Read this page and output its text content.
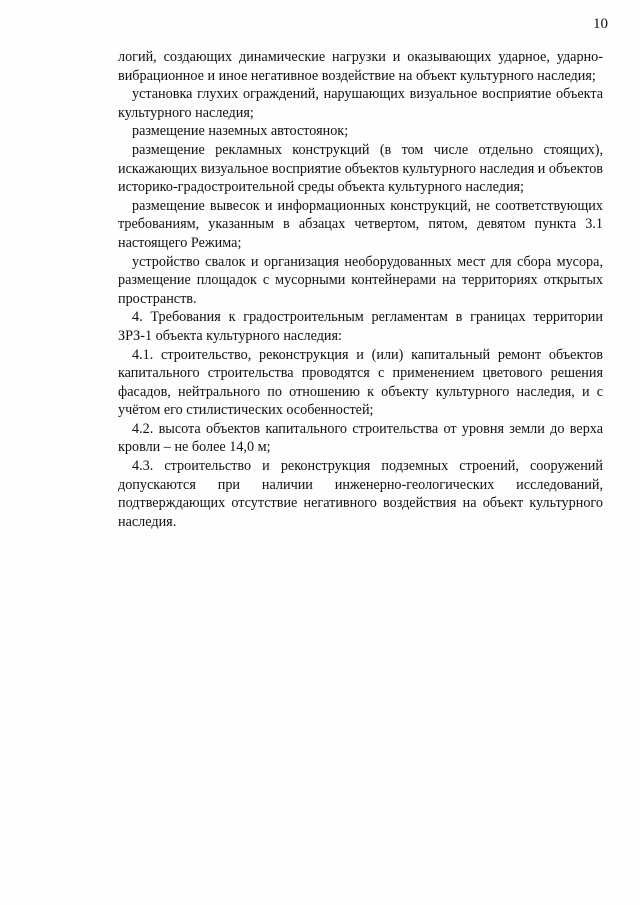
10

логий, создающих динамические нагрузки и оказывающих ударное, ударно-вибрационное и иное негативное воздействие на объект культурного наследия;

установка глухих ограждений, нарушающих визуальное восприятие объекта культурного наследия;

размещение наземных автостоянок;

размещение рекламных конструкций (в том числе отдельно стоящих), искажающих визуальное восприятие объектов культурного наследия и объектов историко-градостроительной среды объекта культурного наследия;

размещение вывесок и информационных конструкций, не соответствующих требованиям, указанным в абзацах четвертом, пятом, девятом пункта 3.1 настоящего Режима;

устройство свалок и организация необорудованных мест для сбора мусора, размещение площадок с мусорными контейнерами на территориях открытых пространств.

4. Требования к градостроительным регламентам в границах территории ЗРЗ-1 объекта культурного наследия:

4.1. строительство, реконструкция и (или) капитальный ремонт объектов капитального строительства проводятся с применением цветового решения фасадов, нейтрального по отношению к объекту культурного наследия, и с учётом его стилистических особенностей;

4.2. высота объектов капитального строительства от уровня земли до верха кровли – не более 14,0 м;

4.3. строительство и реконструкция подземных строений, сооружений допускаются при наличии инженерно-геологических исследований, подтверждающих отсутствие негативного воздействия на объект культурного наследия.
